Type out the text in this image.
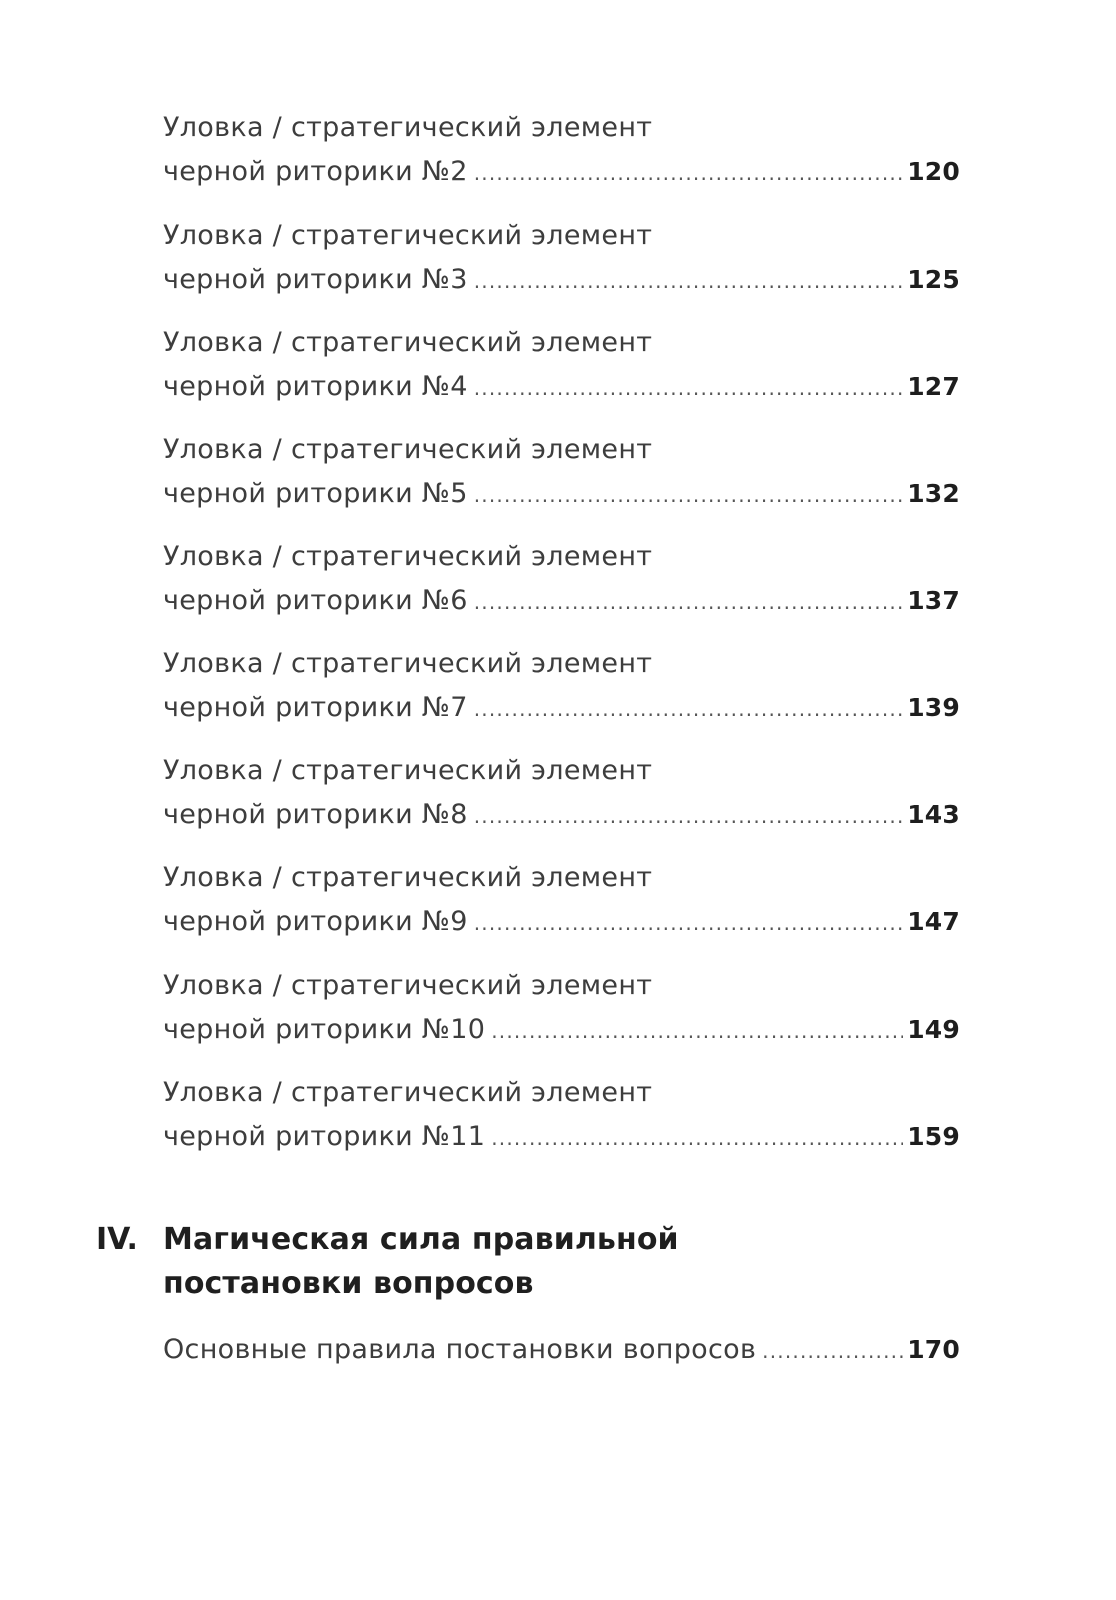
Уловка / стратегический элемент
черной риторики №2 .....	120
Уловка / стратегический элемент
черной риторики №3 .....	125
Уловка / стратегический элемент
черной риторики №4 .....	127
Уловка / стратегический элемент
черной риторики №5 .....	132
Уловка / стратегический элемент
черной риторики №6 .....	137
Уловка / стратегический элемент
черной риторики №7 .....	139
Уловка / стратегический элемент
черной риторики №8 .....	143
Уловка / стратегический элемент
черной риторики №9 .....	147
Уловка / стратегический элемент
черной риторики №10 .....	149
Уловка / стратегический элемент
черной риторики №11 .....	159
IV. Магическая сила правильной постановки вопросов
Основные правила постановки вопросов .....	170
